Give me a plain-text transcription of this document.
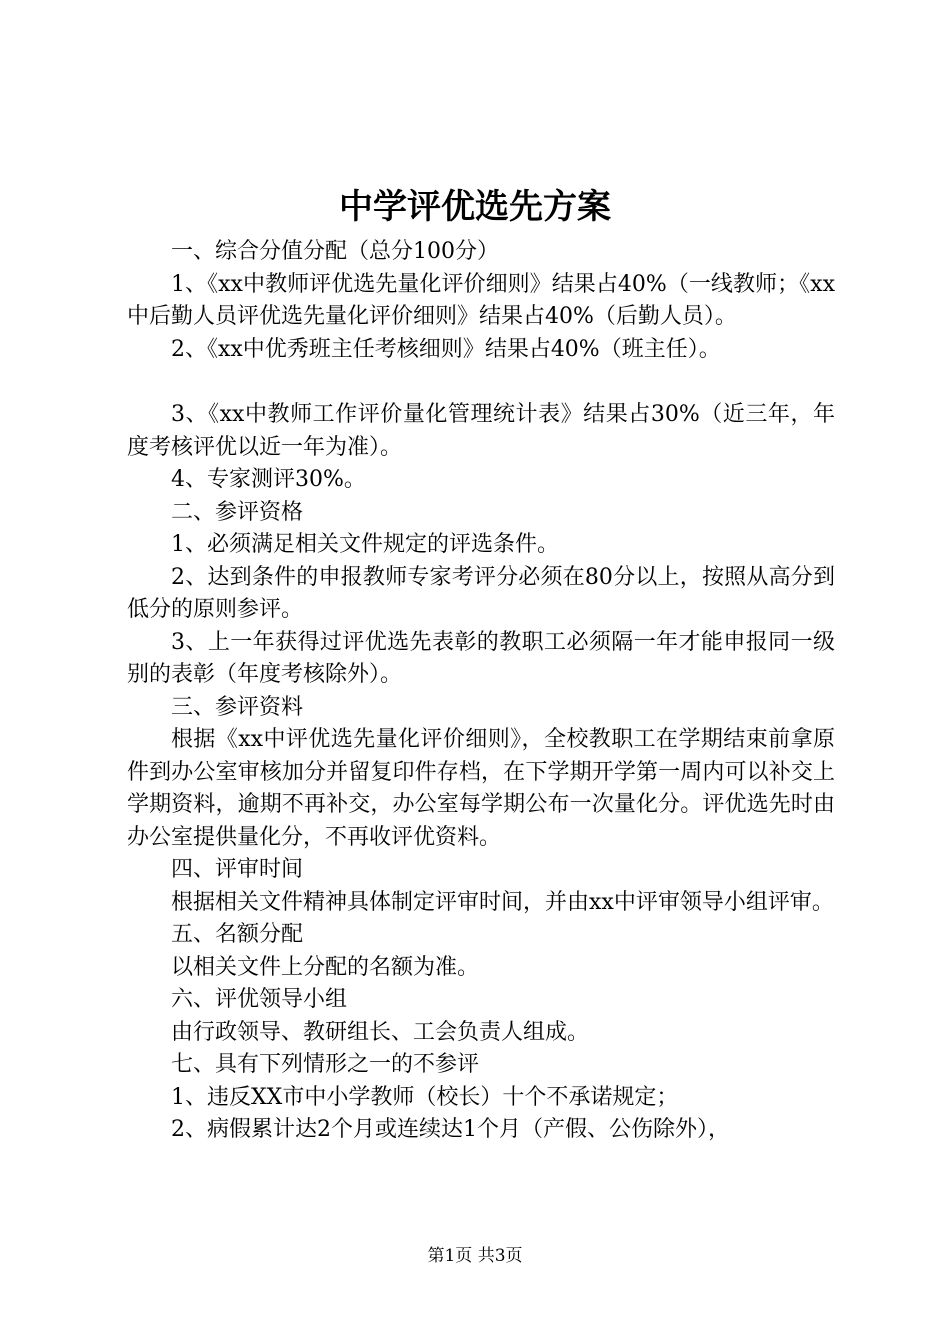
中学评优选先方案

一、综合分值分配（总分100分）

1、《xx中教师评优选先量化评价细则》结果占40%（一线教师；《xx中后勤人员评优选先量化评价细则》结果占40%（后勤人员）。

2、《xx中优秀班主任考核细则》结果占40%（班主任）。

3、《xx中教师工作评价量化管理统计表》结果占30%（近三年，年度考核评优以近一年为准）。

4、专家测评30%。

二、参评资格

1、必须满足相关文件规定的评选条件。

2、达到条件的申报教师专家考评分必须在80分以上，按照从高分到低分的原则参评。

3、上一年获得过评优选先表彰的教职工必须隔一年才能申报同一级别的表彰（年度考核除外）。

三、参评资料

根据《xx中评优选先量化评价细则》，全校教职工在学期结束前拿原件到办公室审核加分并留复印件存档，在下学期开学第一周内可以补交上学期资料，逾期不再补交，办公室每学期公布一次量化分。评优选先时由办公室提供量化分，不再收评优资料。

四、评审时间

根据相关文件精神具体制定评审时间，并由xx中评审领导小组评审。

五、名额分配

以相关文件上分配的名额为准。

六、评优领导小组

由行政领导、教研组长、工会负责人组成。

七、具有下列情形之一的不参评

1、违反XX市中小学教师（校长）十个不承诺规定；

2、病假累计达2个月或连续达1个月（产假、公伤除外），

第1页 共3页
